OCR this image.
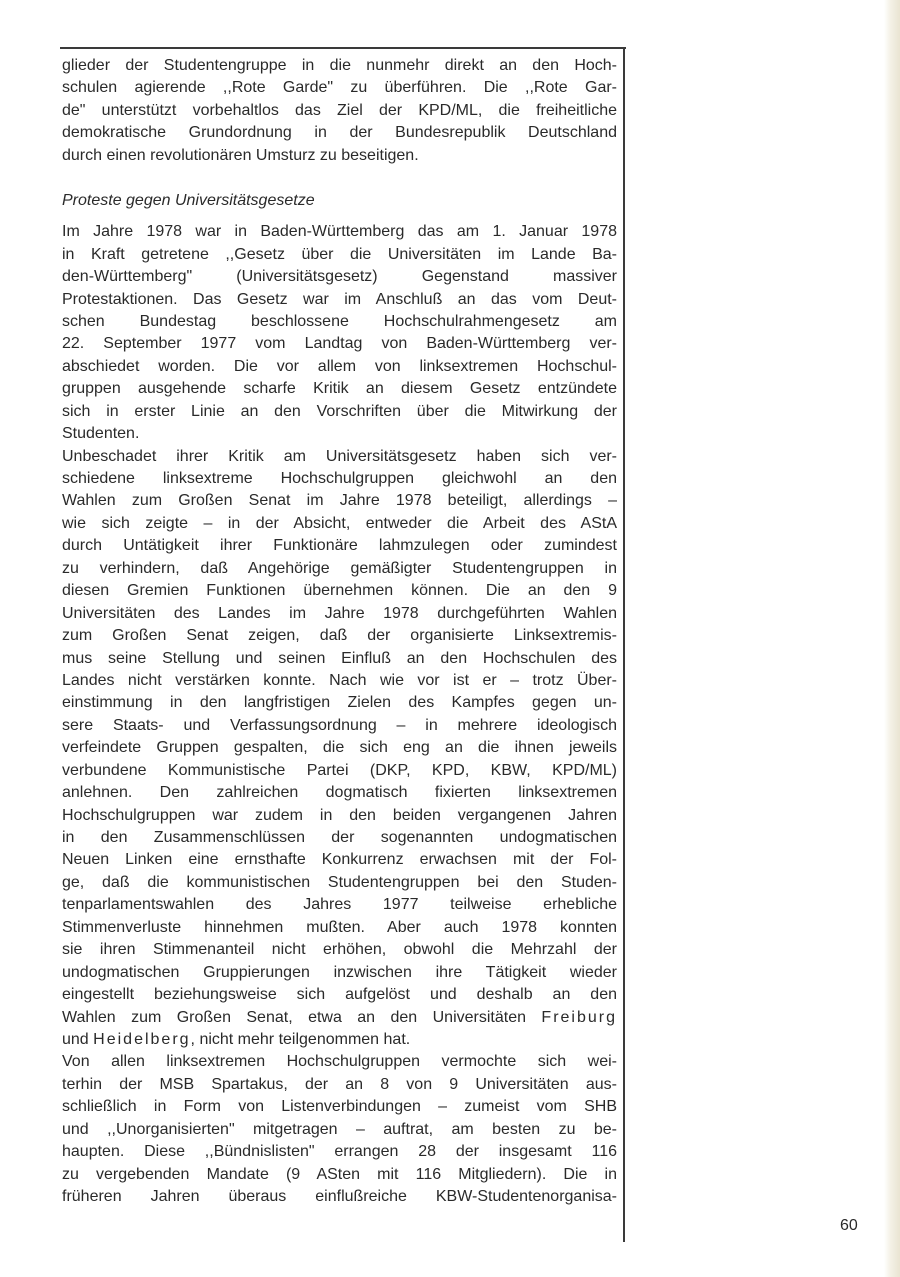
glieder der Studentengruppe in die nunmehr direkt an den Hoch-
schulen agierende ,,Rote Garde" zu überführen. Die ,,Rote Gar-
de" unterstützt vorbehaltlos das Ziel der KPD/ML, die freiheitliche
demokratische Grundordnung in der Bundesrepublik Deutschland
durch einen revolutionären Umsturz zu beseitigen.
Proteste gegen Universitätsgesetze
Im Jahre 1978 war in Baden-Württemberg das am 1. Januar 1978
in Kraft getretene ,,Gesetz über die Universitäten im Lande Ba-
den-Württemberg" (Universitätsgesetz) Gegenstand massiver
Protestaktionen. Das Gesetz war im Anschluß an das vom Deut-
schen Bundestag beschlossene Hochschulrahmengesetz am
22. September 1977 vom Landtag von Baden-Württemberg ver-
abschiedet worden. Die vor allem von linksextremen Hochschul-
gruppen ausgehende scharfe Kritik an diesem Gesetz entzündete
sich in erster Linie an den Vorschriften über die Mitwirkung der
Studenten.
Unbeschadet ihrer Kritik am Universitätsgesetz haben sich ver-
schiedene linksextreme Hochschulgruppen gleichwohl an den
Wahlen zum Großen Senat im Jahre 1978 beteiligt, allerdings –
wie sich zeigte – in der Absicht, entweder die Arbeit des AStA
durch Untätigkeit ihrer Funktionäre lahmzulegen oder zumindest
zu verhindern, daß Angehörige gemäßigter Studentengruppen in
diesen Gremien Funktionen übernehmen können. Die an den 9
Universitäten des Landes im Jahre 1978 durchgeführten Wahlen
zum Großen Senat zeigen, daß der organisierte Linksextremis-
mus seine Stellung und seinen Einfluß an den Hochschulen des
Landes nicht verstärken konnte. Nach wie vor ist er – trotz Über-
einstimmung in den langfristigen Zielen des Kampfes gegen un-
sere Staats- und Verfassungsordnung – in mehrere ideologisch
verfeindete Gruppen gespalten, die sich eng an die ihnen jeweils
verbundene Kommunistische Partei (DKP, KPD, KBW, KPD/ML)
anlehnen. Den zahlreichen dogmatisch fixierten linksextremen
Hochschulgruppen war zudem in den beiden vergangenen Jahren
in den Zusammenschlüssen der sogenannten undogmatischen
Neuen Linken eine ernsthafte Konkurrenz erwachsen mit der Fol-
ge, daß die kommunistischen Studentengruppen bei den Studen-
tenparlamentswahlen des Jahres 1977 teilweise erhebliche
Stimmenverluste hinnehmen mußten. Aber auch 1978 konnten
sie ihren Stimmenanteil nicht erhöhen, obwohl die Mehrzahl der
undogmatischen Gruppierungen inzwischen ihre Tätigkeit wieder
eingestellt beziehungsweise sich aufgelöst und deshalb an den
Wahlen zum Großen Senat, etwa an den Universitäten Freiburg
und Heidelberg, nicht mehr teilgenommen hat.
Von allen linksextremen Hochschulgruppen vermochte sich wei-
terhin der MSB Spartakus, der an 8 von 9 Universitäten aus-
schließlich in Form von Listenverbindungen – zumeist vom SHB
und ,,Unorganisierten" mitgetragen – auftrat, am besten zu be-
haupten. Diese ,,Bündnislisten" errangen 28 der insgesamt 116
zu vergebenden Mandate (9 ASten mit 116 Mitgliedern). Die in
früheren Jahren überaus einflußreiche KBW-Studentenorganisa-
60
